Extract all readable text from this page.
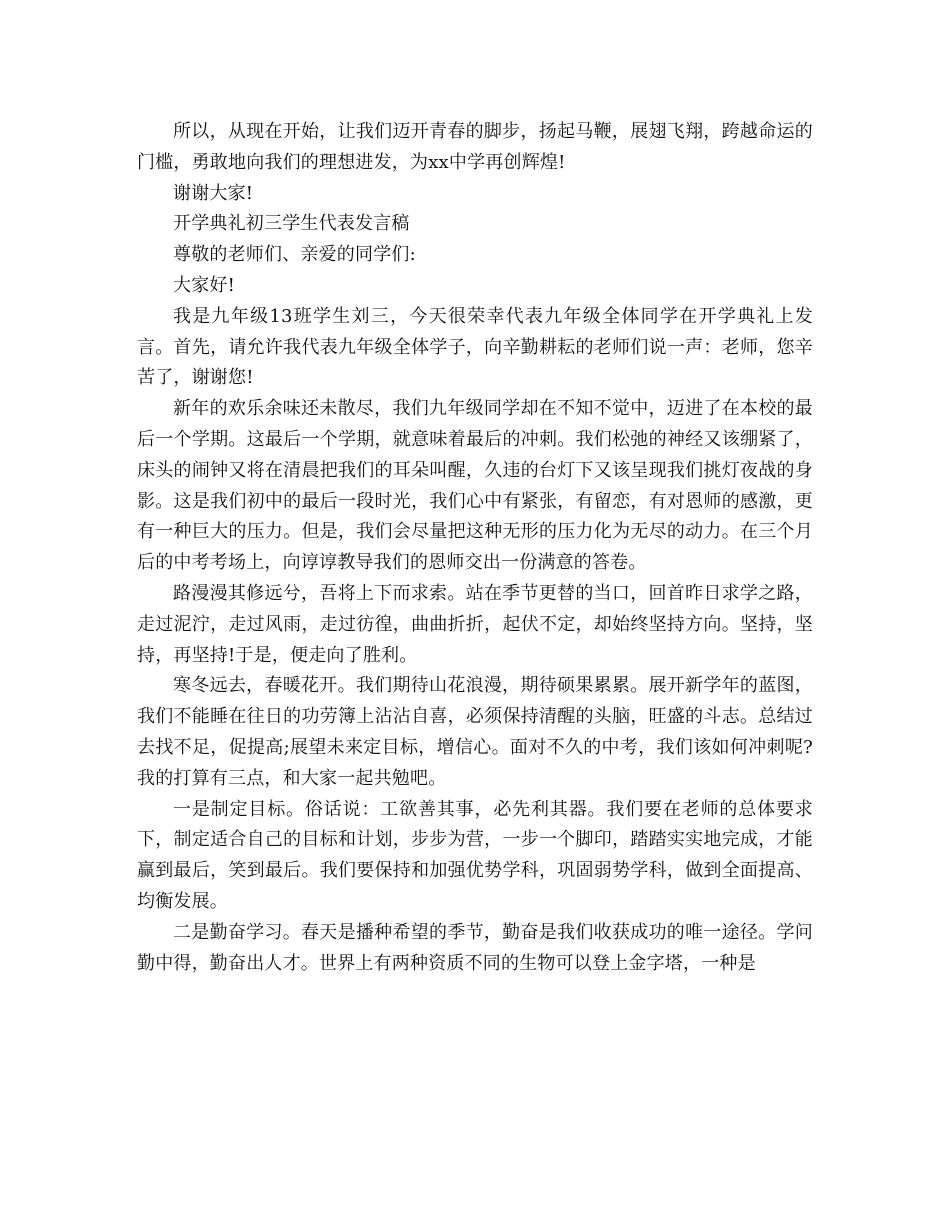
所以，从现在开始，让我们迈开青春的脚步，扬起马鞭，展翅飞翔，跨越命运的门槛，勇敢地向我们的理想进发，为xx中学再创辉煌!

谢谢大家!

开学典礼初三学生代表发言稿

尊敬的老师们、亲爱的同学们:

大家好!

我是九年级13班学生刘三，今天很荣幸代表九年级全体同学在开学典礼上发言。首先，请允许我代表九年级全体学子，向辛勤耕耘的老师们说一声：老师，您辛苦了，谢谢您!

新年的欢乐余味还未散尽，我们九年级同学却在不知不觉中，迈进了在本校的最后一个学期。这最后一个学期，就意味着最后的冲刺。我们松弛的神经又该绷紧了，床头的闹钟又将在清晨把我们的耳朵叫醒，久违的台灯下又该呈现我们挑灯夜战的身影。这是我们初中的最后一段时光，我们心中有紧张，有留恋，有对恩师的感激，更有一种巨大的压力。但是，我们会尽量把这种无形的压力化为无尽的动力。在三个月后的中考考场上，向谆谆教导我们的恩师交出一份满意的答卷。

路漫漫其修远兮，吾将上下而求索。站在季节更替的当口，回首昨日求学之路，走过泥泞，走过风雨，走过彷徨，曲曲折折，起伏不定，却始终坚持方向。坚持，坚持，再坚持!于是，便走向了胜利。

寒冬远去，春暖花开。我们期待山花浪漫，期待硕果累累。展开新学年的蓝图，我们不能睡在往日的功劳簿上沾沾自喜，必须保持清醒的头脑，旺盛的斗志。总结过去找不足，促提高;展望未来定目标，增信心。面对不久的中考，我们该如何冲刺呢?我的打算有三点，和大家一起共勉吧。

一是制定目标。俗话说：工欲善其事，必先利其器。我们要在老师的总体要求下，制定适合自己的目标和计划，步步为营，一步一个脚印，踏踏实实地完成，才能赢到最后，笑到最后。我们要保持和加强优势学科，巩固弱势学科，做到全面提高、均衡发展。

二是勤奋学习。春天是播种希望的季节，勤奋是我们收获成功的唯一途径。学问勤中得，勤奋出人才。世界上有两种资质不同的生物可以登上金字塔，一种是
